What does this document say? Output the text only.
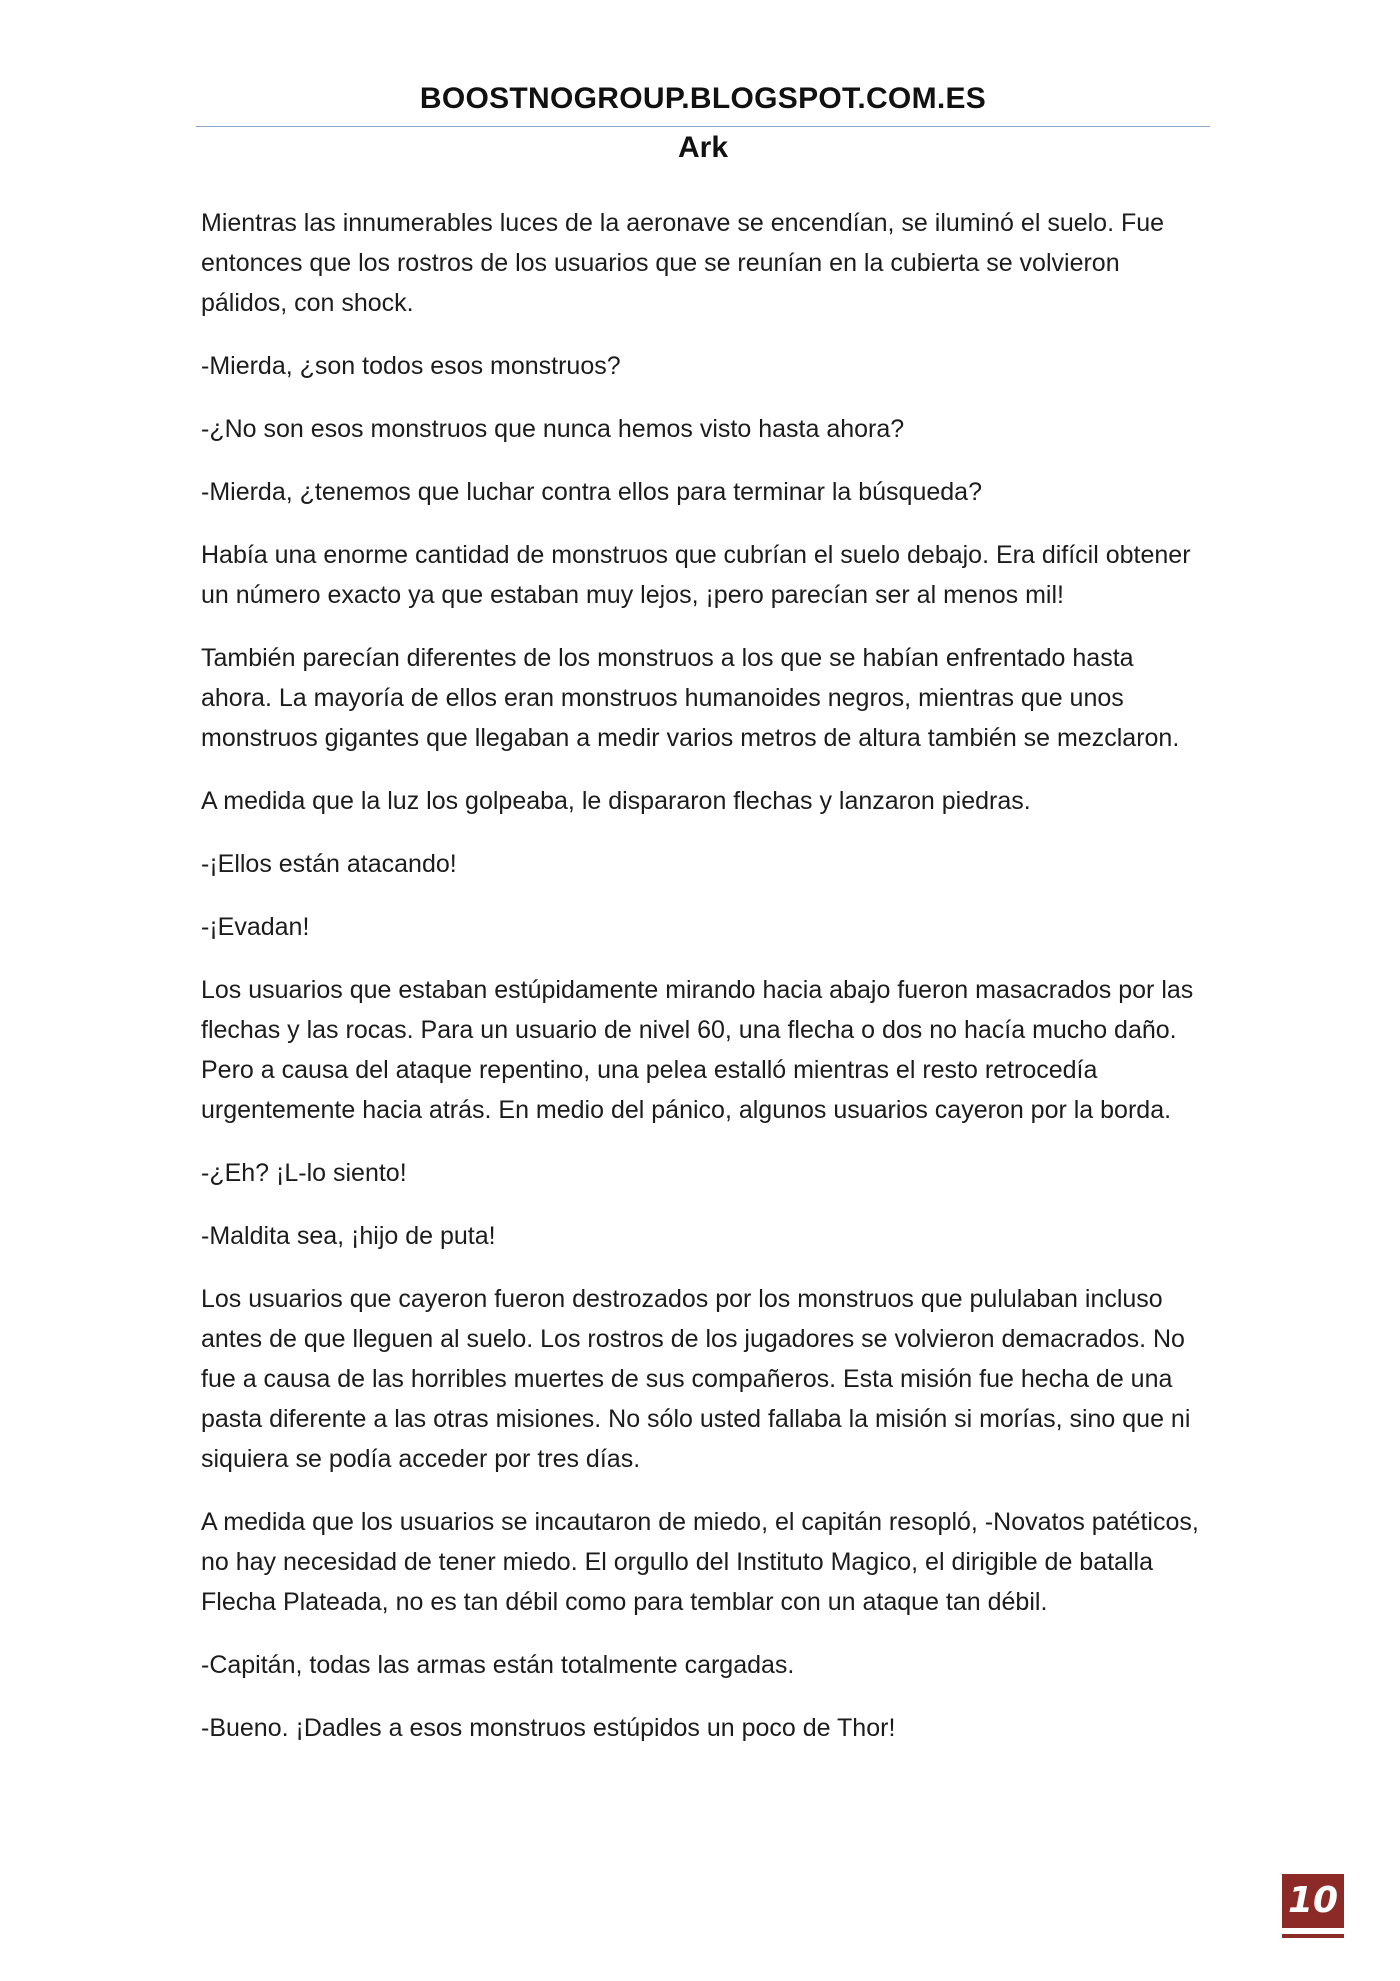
BOOSTNOGROUP.BLOGSPOT.COM.ES
Ark

Mientras las innumerables luces de la aeronave se encendían, se iluminó el suelo. Fue entonces que los rostros de los usuarios que se reunían en la cubierta se volvieron pálidos, con shock.

-Mierda, ¿son todos esos monstruos?

-¿No son esos monstruos que nunca hemos visto hasta ahora?

-Mierda, ¿tenemos que luchar contra ellos para terminar la búsqueda?

Había una enorme cantidad de monstruos que cubrían el suelo debajo. Era difícil obtener un número exacto ya que estaban muy lejos, ¡pero parecían ser al menos mil!

También parecían diferentes de los monstruos a los que se habían enfrentado hasta ahora. La mayoría de ellos eran monstruos humanoides negros, mientras que unos monstruos gigantes que llegaban a medir varios metros de altura también se mezclaron.

A medida que la luz los golpeaba, le dispararon flechas y lanzaron piedras.

-¡Ellos están atacando!

-¡Evadan!

Los usuarios que estaban estúpidamente mirando hacia abajo fueron masacrados por las flechas y las rocas. Para un usuario de nivel 60, una flecha o dos no hacía mucho daño. Pero a causa del ataque repentino, una pelea estalló mientras el resto retrocedía urgentemente hacia atrás. En medio del pánico, algunos usuarios cayeron por la borda.

-¿Eh? ¡L-lo siento!

-Maldita sea, ¡hijo de puta!

Los usuarios que cayeron fueron destrozados por los monstruos que pululaban incluso antes de que lleguen al suelo. Los rostros de los jugadores se volvieron demacrados. No fue a causa de las horribles muertes de sus compañeros. Esta misión fue hecha de una pasta diferente a las otras misiones. No sólo usted fallaba la misión si morías, sino que ni siquiera se podía acceder por tres días.

A medida que los usuarios se incautaron de miedo, el capitán resopló, -Novatos patéticos, no hay necesidad de tener miedo. El orgullo del Instituto Magico, el dirigible de batalla Flecha Plateada, no es tan débil como para temblar con un ataque tan débil.

-Capitán, todas las armas están totalmente cargadas.

-Bueno. ¡Dadles a esos monstruos estúpidos un poco de Thor!

10
